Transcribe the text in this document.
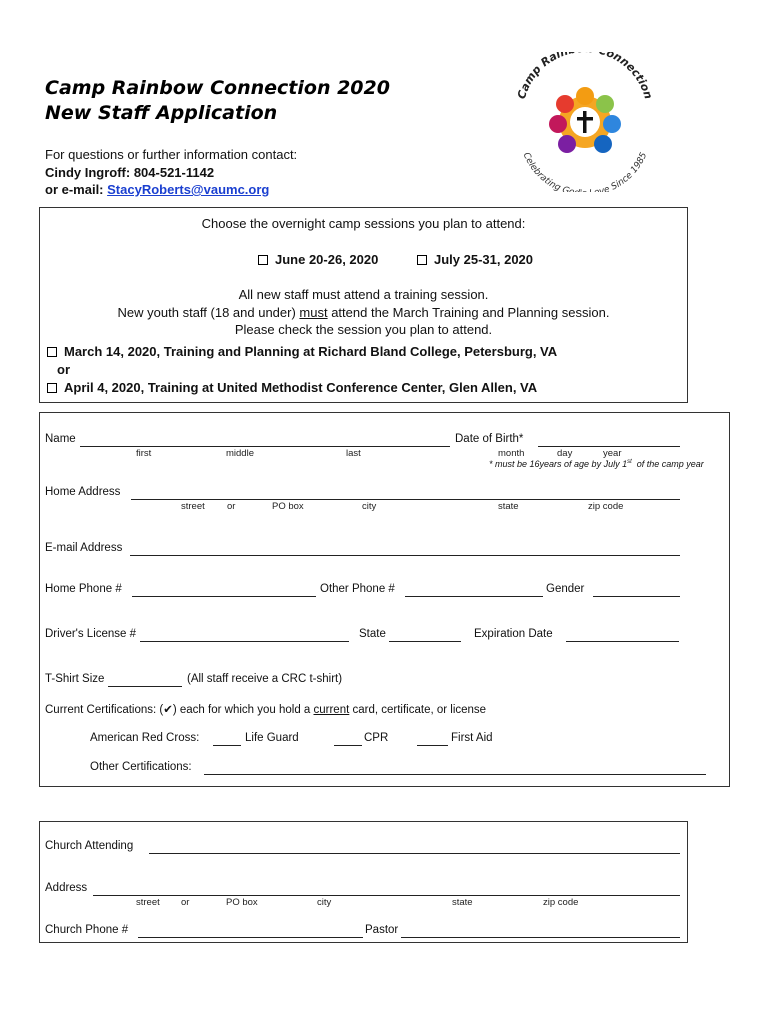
Camp Rainbow Connection 2020
New Staff Application
For questions or further information contact:
Cindy Ingroff: 804-521-1142
or e-mail: StacyRoberts@vaumc.org
Camp Rain onnection
Celebrating G ve Since 1985
Choose the overnight camp sessions you plan to attend:
June 20-26, 2020	July 25-31, 2020
All new staff must attend a training session.
New youth staff (18 and under) must attend the March Training and Planning session.
Please check the session you plan to attend.
March 14, 2020, Training and Planning at Richard Bland College, Petersburg, VA
or
April 4, 2020, Training at United Methodist Conference Center, Glen Allen, VA
Name
first	middle	last
Date of Birth*
month	day	year
* must be 16years of age by July 1st of the camp year
Home Address
street or	PO box	city	state	zip code
E-mail Address
Home Phone #	Other Phone #	Gender
Driver's License #	State	Expiration Date
T-Shirt Size	(All staff receive a CRC t-shirt)
Current Certifications: (✔) each for which you hold a current card, certificate, or license
American Red Cross:	Life Guard	CPR	First Aid
Other Certifications:
Church Attending
Address
street or	PO box	city	state	zip code
Church Phone #	Pastor
